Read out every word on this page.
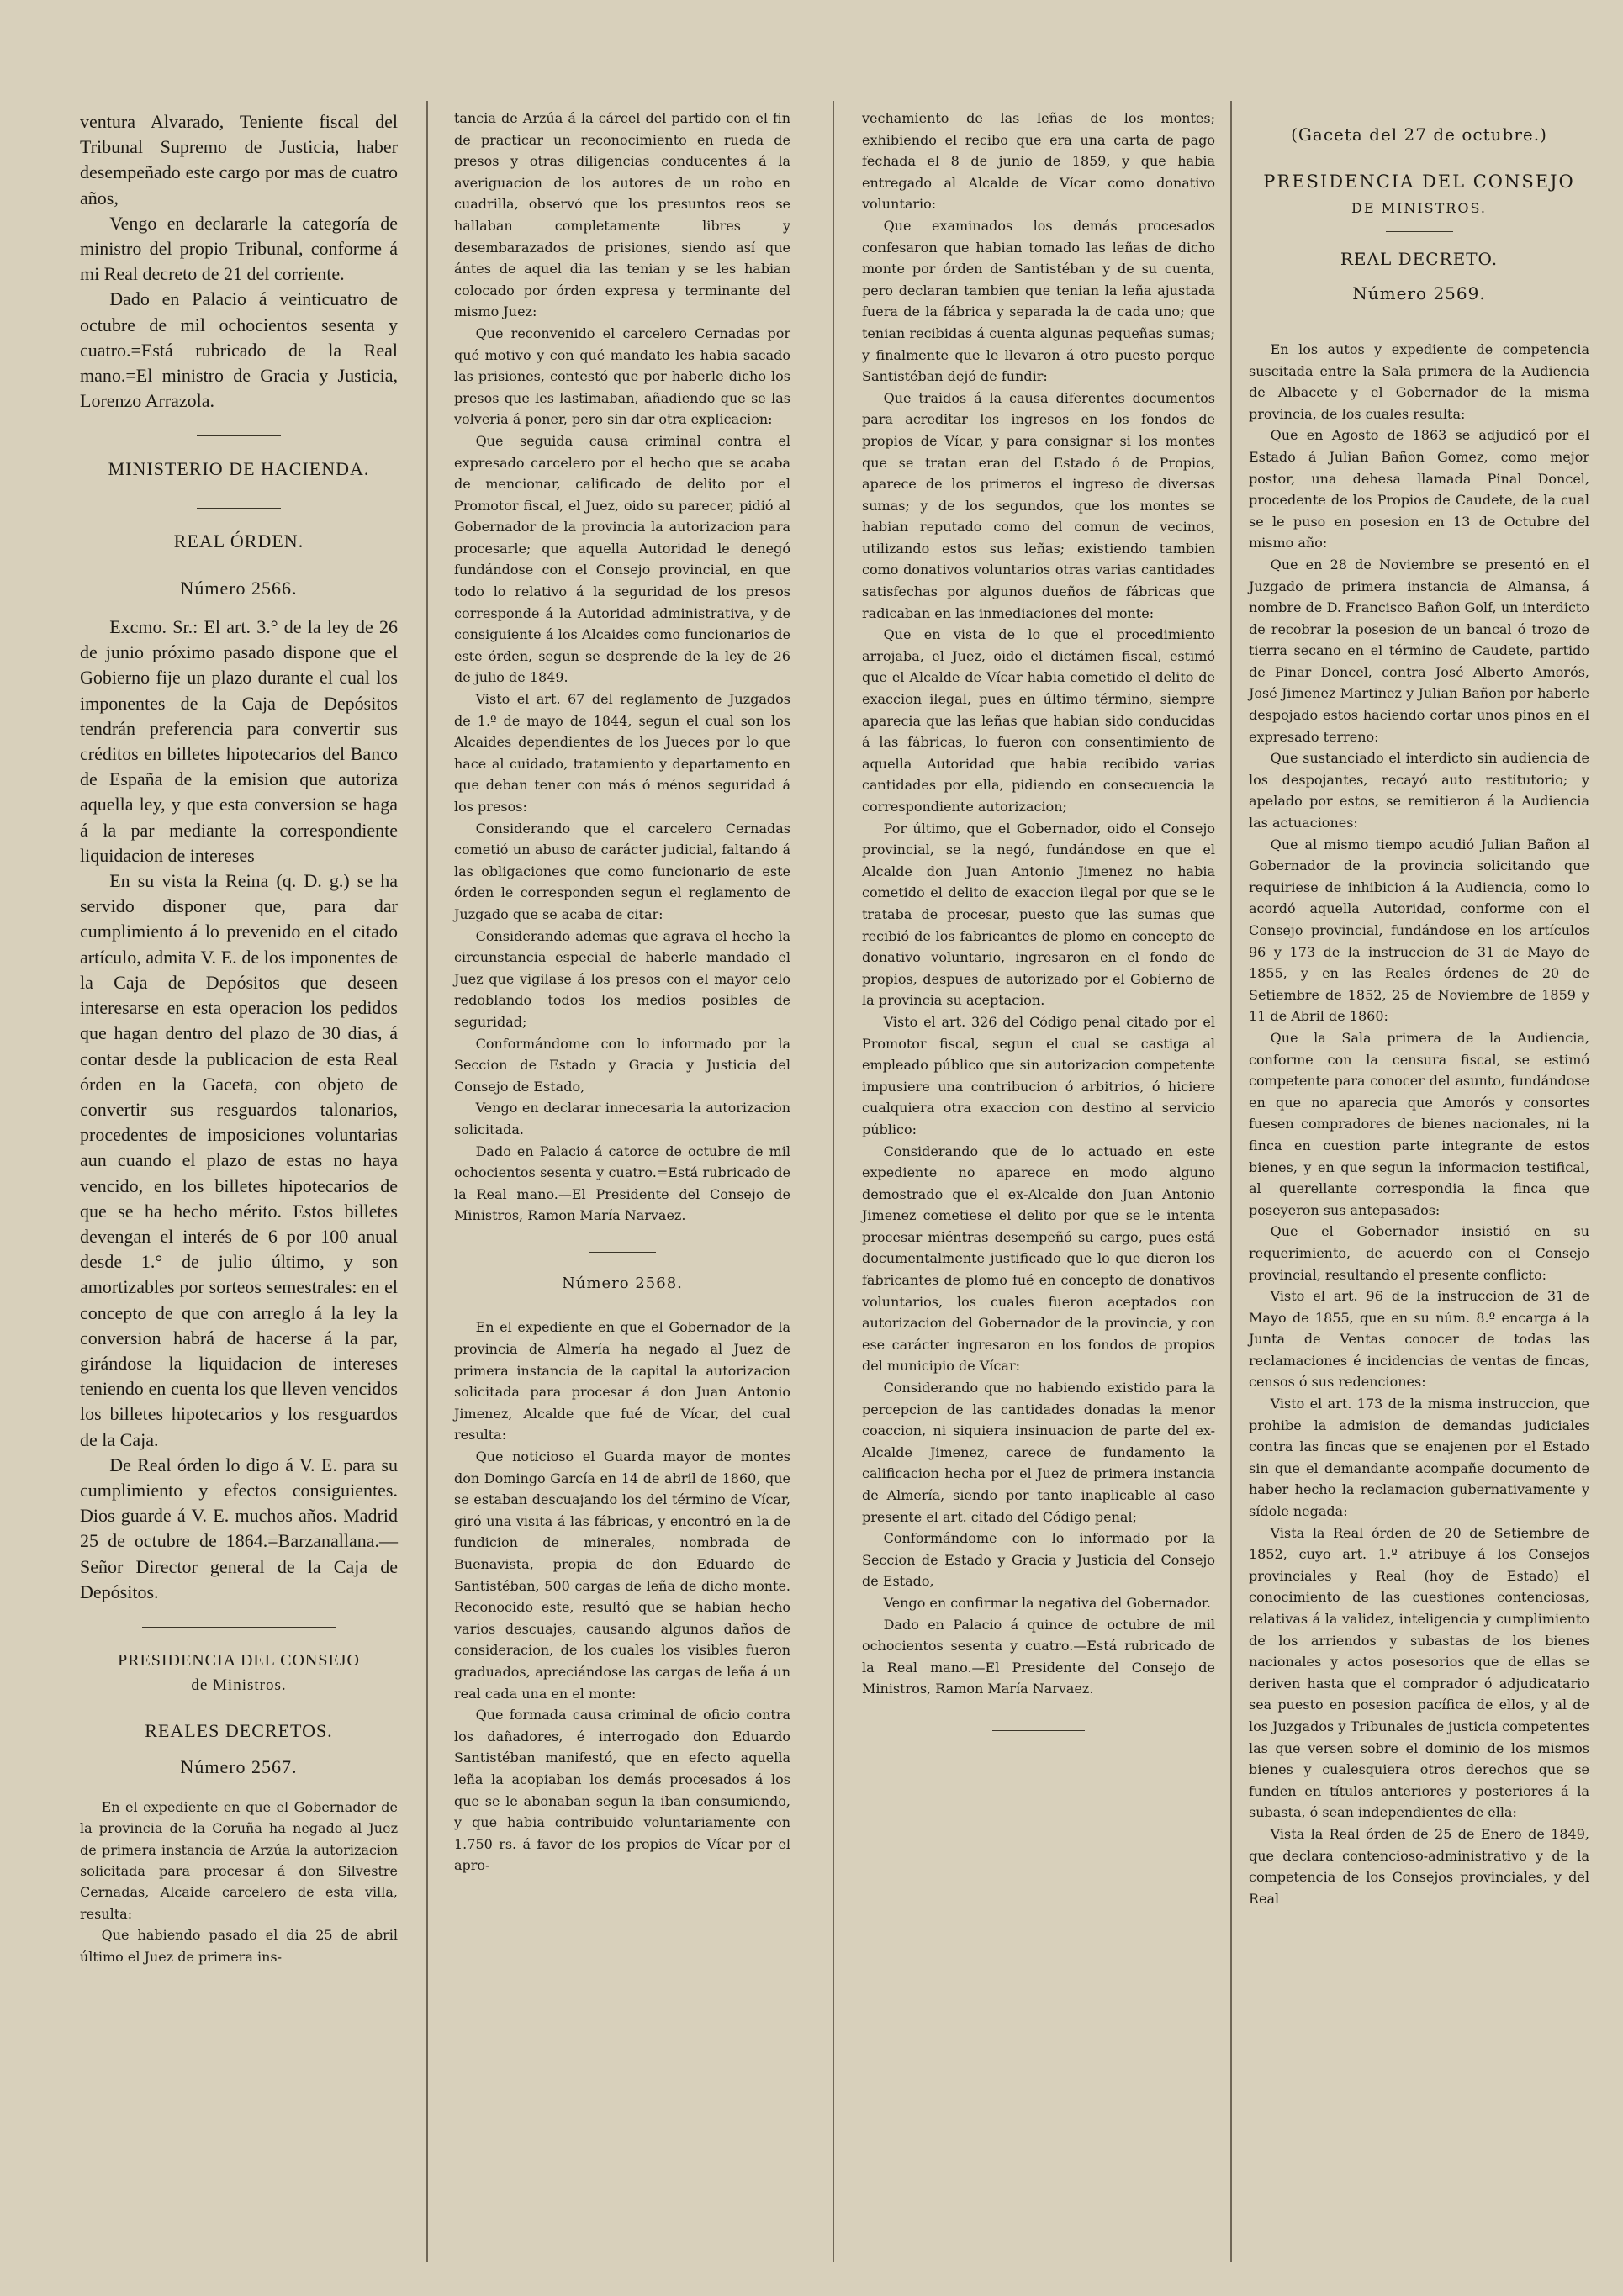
ventura Alvarado, Teniente fiscal del Tribunal Supremo de Justicia, haber desempeñado este cargo por mas de cuatro años,

Vengo en declararle la categoría de ministro del propio Tribunal, conforme á mi Real decreto de 21 del corriente.

Dado en Palacio á veinticuatro de octubre de mil ochocientos sesenta y cuatro.=Está rubricado de la Real mano.=El ministro de Gracia y Justicia, Lorenzo Arrazola.

MINISTERIO DE HACIENDA.

REAL ÓRDEN.

Número 2566.

Excmo. Sr.: El art. 3.° de la ley de 26 de junio próximo pasado dispone que el Gobierno fije un plazo durante el cual los imponentes de la Caja de Depósitos tendrán preferencia para convertir sus créditos en billetes hipotecarios del Banco de España de la emision que autoriza aquella ley, y que esta conversion se haga á la par mediante la correspondiente liquidacion de intereses

En su vista la Reina (q. D. g.) se ha servido disponer que, para dar cumplimiento á lo prevenido en el citado artículo, admita V. E. de los imponentes de la Caja de Depósitos que deseen interesarse en esta operacion los pedidos que hagan dentro del plazo de 30 dias, á contar desde la publicacion de esta Real órden en la Gaceta, con objeto de convertir sus resguardos talonarios, procedentes de imposiciones voluntarias aun cuando el plazo de estas no haya vencido, en los billetes hipotecarios de que se ha hecho mérito. Estos billetes devengan el interés de 6 por 100 anual desde 1.° de julio último, y son amortizables por sorteos semestrales: en el concepto de que con arreglo á la ley la conversion habrá de hacerse á la par, girándose la liquidacion de intereses teniendo en cuenta los que lleven vencidos los billetes hipotecarios y los resguardos de la Caja.

De Real órden lo digo á V. E. para su cumplimiento y efectos consiguientes. Dios guarde á V. E. muchos años. Madrid 25 de octubre de 1864.=Barzanallana.—Señor Director general de la Caja de Depósitos.

PRESIDENCIA DEL CONSEJO

de Ministros.

REALES DECRETOS.

Número 2567.

En el expediente en que el Gobernador de la provincia de la Coruña ha negado al Juez de primera instancia de Arzúa la autorizacion solicitada para procesar á don Silvestre Cernadas, Alcaide carcelero de esta villa, resulta:

Que habiendo pasado el dia 25 de abril último el Juez de primera ins-

tancia de Arzúa á la cárcel del partido con el fin de practicar un reconocimiento en rueda de presos y otras diligencias conducentes á la averiguacion de los autores de un robo en cuadrilla, observó que los presuntos reos se hallaban completamente libres y desembarazados de prisiones, siendo así que ántes de aquel dia las tenian y se les habian colocado por órden expresa y terminante del mismo Juez:

Que reconvenido el carcelero Cernadas por qué motivo y con qué mandato les habia sacado las prisiones, contestó que por haberle dicho los presos que les lastimaban, añadiendo que se las volveria á poner, pero sin dar otra explicacion:

Que seguida causa criminal contra el expresado carcelero por el hecho que se acaba de mencionar, calificado de delito por el Promotor fiscal, el Juez, oido su parecer, pidió al Gobernador de la provincia la autorizacion para procesarle; que aquella Autoridad le denegó fundándose con el Consejo provincial, en que todo lo relativo á la seguridad de los presos corresponde á la Autoridad administrativa, y de consiguiente á los Alcaides como funcionarios de este órden, segun se desprende de la ley de 26 de julio de 1849.

Visto el art. 67 del reglamento de Juzgados de 1.º de mayo de 1844, segun el cual son los Alcaides dependientes de los Jueces por lo que hace al cuidado, tratamiento y departamento en que deban tener con más ó ménos seguridad á los presos:

Considerando que el carcelero Cernadas cometió un abuso de carácter judicial, faltando á las obligaciones que como funcionario de este órden le corresponden segun el reglamento de Juzgado que se acaba de citar:

Considerando ademas que agrava el hecho la circunstancia especial de haberle mandado el Juez que vigilase á los presos con el mayor celo redoblando todos los medios posibles de seguridad;

Conformándome con lo informado por la Seccion de Estado y Gracia y Justicia del Consejo de Estado,

Vengo en declarar innecesaria la autorizacion solicitada.

Dado en Palacio á catorce de octubre de mil ochocientos sesenta y cuatro.=Está rubricado de la Real mano.—El Presidente del Consejo de Ministros, Ramon María Narvaez.

Número 2568.

En el expediente en que el Gobernador de la provincia de Almería ha negado al Juez de primera instancia de la capital la autorizacion solicitada para procesar á don Juan Antonio Jimenez, Alcalde que fué de Vícar, del cual resulta:

Que noticioso el Guarda mayor de montes don Domingo García en 14 de abril de 1860, que se estaban descuajando los del término de Vícar, giró una visita á las fábricas, y encontró en la de fundicion de minerales, nombrada de Buenavista, propia de don Eduardo de Santistéban, 500 cargas de leña de dicho monte. Reconocido este, resultó que se habian hecho varios descuajes, causando algunos daños de consideracion, de los cuales los visibles fueron graduados, apreciándose las cargas de leña á un real cada una en el monte:

Que formada causa criminal de oficio contra los dañadores, é interrogado don Eduardo Santistéban manifestó, que en efecto aquella leña la acopiaban los demás procesados á los que se le abonaban segun la iban consumiendo, y que habia contribuido voluntariamente con 1.750 rs. á favor de los propios de Vícar por el apro-

vechamiento de las leñas de los montes; exhibiendo el recibo que era una carta de pago fechada el 8 de junio de 1859, y que habia entregado al Alcalde de Vícar como donativo voluntario:

Que examinados los demás procesados confesaron que habian tomado las leñas de dicho monte por órden de Santistéban y de su cuenta, pero declaran tambien que tenian la leña ajustada fuera de la fábrica y separada la de cada uno; que tenian recibidas á cuenta algunas pequeñas sumas; y finalmente que le llevaron á otro puesto porque Santistéban dejó de fundir:

Que traidos á la causa diferentes documentos para acreditar los ingresos en los fondos de propios de Vícar, y para consignar si los montes que se tratan eran del Estado ó de Propios, aparece de los primeros el ingreso de diversas sumas; y de los segundos, que los montes se habian reputado como del comun de vecinos, utilizando estos sus leñas; existiendo tambien como donativos voluntarios otras varias cantidades satisfechas por algunos dueños de fábricas que radicaban en las inmediaciones del monte:

Que en vista de lo que el procedimiento arrojaba, el Juez, oido el dictámen fiscal, estimó que el Alcalde de Vícar habia cometido el delito de exaccion ilegal, pues en último término, siempre aparecia que las leñas que habian sido conducidas á las fábricas, lo fueron con consentimiento de aquella Autoridad que habia recibido varias cantidades por ella, pidiendo en consecuencia la correspondiente autorizacion;

Por último, que el Gobernador, oido el Consejo provincial, se la negó, fundándose en que el Alcalde don Juan Antonio Jimenez no habia cometido el delito de exaccion ilegal por que se le trataba de procesar, puesto que las sumas que recibió de los fabricantes de plomo en concepto de donativo voluntario, ingresaron en el fondo de propios, despues de autorizado por el Gobierno de la provincia su aceptacion.

Visto el art. 326 del Código penal citado por el Promotor fiscal, segun el cual se castiga al empleado público que sin autorizacion competente impusiere una contribucion ó arbitrios, ó hiciere cualquiera otra exaccion con destino al servicio público:

Considerando que de lo actuado en este expediente no aparece en modo alguno demostrado que el ex-Alcalde don Juan Antonio Jimenez cometiese el delito por que se le intenta procesar miéntras desempeñó su cargo, pues está documentalmente justificado que lo que dieron los fabricantes de plomo fué en concepto de donativos voluntarios, los cuales fueron aceptados con autorizacion del Gobernador de la provincia, y con ese carácter ingresaron en los fondos de propios del municipio de Vícar:

Considerando que no habiendo existido para la percepcion de las cantidades donadas la menor coaccion, ni siquiera insinuacion de parte del ex-Alcalde Jimenez, carece de fundamento la calificacion hecha por el Juez de primera instancia de Almería, siendo por tanto inaplicable al caso presente el art. citado del Código penal;

Conformándome con lo informado por la Seccion de Estado y Gracia y Justicia del Consejo de Estado,

Vengo en confirmar la negativa del Gobernador.

Dado en Palacio á quince de octubre de mil ochocientos sesenta y cuatro.—Está rubricado de la Real mano.—El Presidente del Consejo de Ministros, Ramon María Narvaez.

(Gaceta del 27 de octubre.)

PRESIDENCIA DEL CONSEJO

DE MINISTROS.

REAL DECRETO.

Número 2569.

En los autos y expediente de competencia suscitada entre la Sala primera de la Audiencia de Albacete y el Gobernador de la misma provincia, de los cuales resulta:

Que en Agosto de 1863 se adjudicó por el Estado á Julian Bañon Gomez, como mejor postor, una dehesa llamada Pinal Doncel, procedente de los Propios de Caudete, de la cual se le puso en posesion en 13 de Octubre del mismo año:

Que en 28 de Noviembre se presentó en el Juzgado de primera instancia de Almansa, á nombre de D. Francisco Bañon Golf, un interdicto de recobrar la posesion de un bancal ó trozo de tierra secano en el término de Caudete, partido de Pinar Doncel, contra José Alberto Amorós, José Jimenez Martinez y Julian Bañon por haberle despojado estos haciendo cortar unos pinos en el expresado terreno:

Que sustanciado el interdicto sin audiencia de los despojantes, recayó auto restitutorio; y apelado por estos, se remitieron á la Audiencia las actuaciones:

Que al mismo tiempo acudió Julian Bañon al Gobernador de la provincia solicitando que requiriese de inhibicion á la Audiencia, como lo acordó aquella Autoridad, conforme con el Consejo provincial, fundándose en los artículos 96 y 173 de la instruccion de 31 de Mayo de 1855, y en las Reales órdenes de 20 de Setiembre de 1852, 25 de Noviembre de 1859 y 11 de Abril de 1860:

Que la Sala primera de la Audiencia, conforme con la censura fiscal, se estimó competente para conocer del asunto, fundándose en que no aparecia que Amorós y consortes fuesen compradores de bienes nacionales, ni la finca en cuestion parte integrante de estos bienes, y en que segun la informacion testifical, al querellante correspondia la finca que poseyeron sus antepasados:

Que el Gobernador insistió en su requerimiento, de acuerdo con el Consejo provincial, resultando el presente conflicto:

Visto el art. 96 de la instruccion de 31 de Mayo de 1855, que en su núm. 8.º encarga á la Junta de Ventas conocer de todas las reclamaciones é incidencias de ventas de fincas, censos ó sus redenciones:

Visto el art. 173 de la misma instruccion, que prohibe la admision de demandas judiciales contra las fincas que se enajenen por el Estado sin que el demandante acompañe documento de haber hecho la reclamacion gubernativamente y sídole negada:

Vista la Real órden de 20 de Setiembre de 1852, cuyo art. 1.º atribuye á los Consejos provinciales y Real (hoy de Estado) el conocimiento de las cuestiones contenciosas, relativas á la validez, inteligencia y cumplimiento de los arriendos y subastas de los bienes nacionales y actos posesorios que de ellas se deriven hasta que el comprador ó adjudicatario sea puesto en posesion pacífica de ellos, y al de los Juzgados y Tribunales de justicia competentes las que versen sobre el dominio de los mismos bienes y cualesquiera otros derechos que se funden en títulos anteriores y posteriores á la subasta, ó sean independientes de ella:

Vista la Real órden de 25 de Enero de 1849, que declara contencioso-administrativo y de la competencia de los Consejos provinciales, y del Real
